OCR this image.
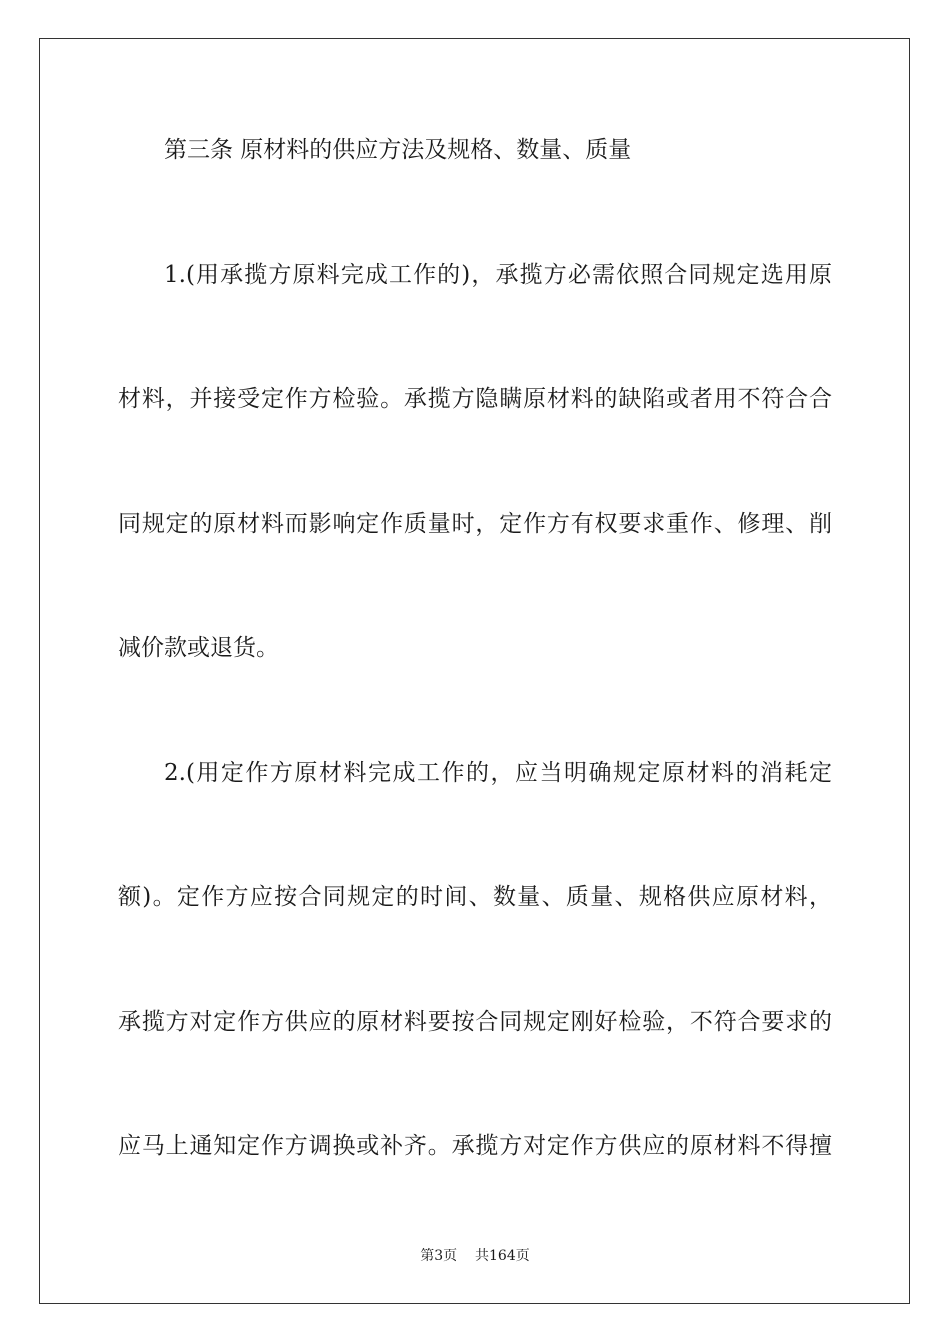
第三条 原材料的供应方法及规格、数量、质量
1.(用承揽方原料完成工作的)，承揽方必需依照合同规定选用原
材料，并接受定作方检验。承揽方隐瞒原材料的缺陷或者用不符合合
同规定的原材料而影响定作质量时，定作方有权要求重作、修理、削
减价款或退货。
2.(用定作方原材料完成工作的，应当明确规定原材料的消耗定
额)。定作方应按合同规定的时间、数量、质量、规格供应原材料，
承揽方对定作方供应的原材料要按合同规定刚好检验，不符合要求的
应马上通知定作方调换或补齐。承揽方对定作方供应的原材料不得擅
第3页 共164页
